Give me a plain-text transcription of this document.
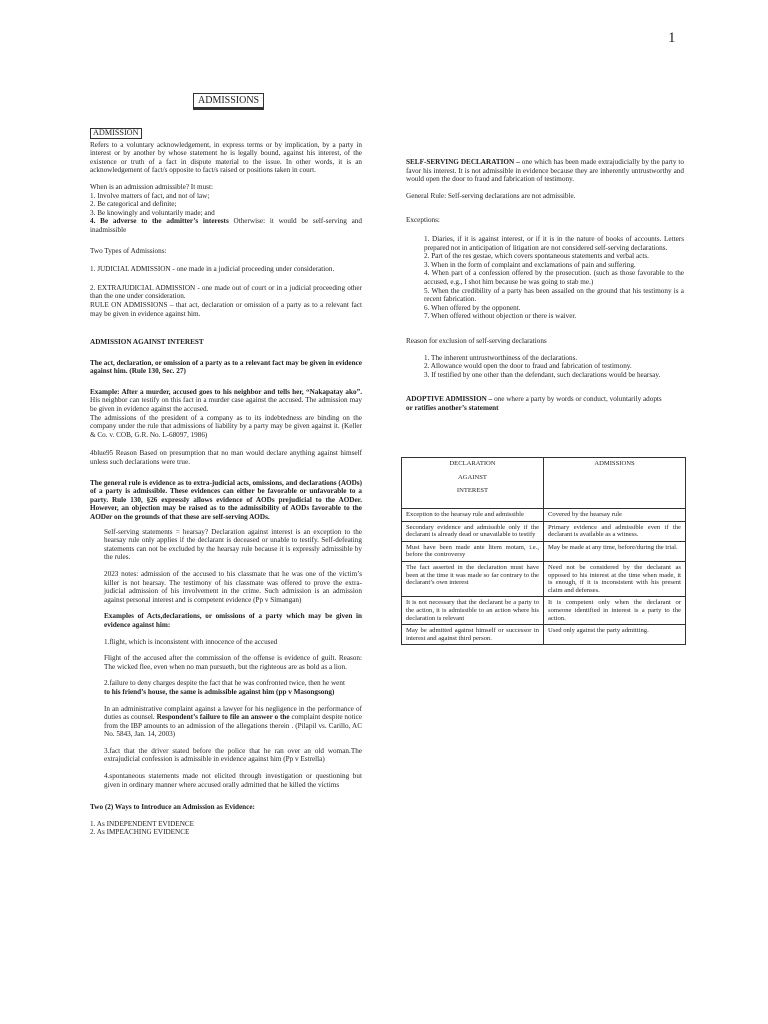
1
ADMISSIONS
ADMISSION

Refers to a voluntary acknowledgement, in express terms or by implication, by a party in interest or by another by whose statement he is legally bound, against his interest, of the existence or truth of a fact in dispute material to the issue. In other words, it is an acknowledgement of fact/s opposite to fact/s raised or positions taken in court.

When is an admission admissible? It must:

1. Involve matters of fact, and not of law;

2. Be categorical and definite;

3. Be knowingly and voluntarily made; and

4. Be adverse to the admitter’s interests Otherwise: it would be self-serving and inadmissible

Two Types of Admissions:

1. JUDICIAL ADMISSION - one made in a judicial proceeding under consideration.

2. EXTRAJUDICIAL ADMISSION - one made out of court or in a judicial proceeding other than the one under consideration.

RULE ON ADMISSIONS – that act, declaration or omission of a party as to a relevant fact may be given in evidence against him.

ADMISSION AGAINST INTEREST

The act, declaration, or omission of a party as to a relevant fact may be given in evidence against him. (Rule 130, Sec. 27)

Example: After a murder, accused goes to his neighbor and tells her, “Nakapatay ako”. His neighbor can testify on this fact in a murder case against the accused. The admission may be given in evidence against the accused.

The admissions of the president of a company as to its indebtedness are binding on the company under the rule that admissions of liability by a party may be given against it. (Keller & Co. v. COB, G.R. No. L-68097, 1986)

4blue95 Reason Based on presumption that no man would declare anything against himself unless such declarations were true.

The general rule is evidence as to extra-judicial acts, omissions, and declarations (AODs) of a party is admissible. These evidences can either be favorable or unfavorable to a party. Rule 130, §26 expressly allows evidence of AODs prejudicial to the AODer. However, an objection may be raised as to the admissibility of AODs favorable to the AODer on the grounds of that these are self-serving AODs.

Self-serving statements = hearsay? Declaration against interest is an exception to the hearsay rule only applies if the declarant is deceased or unable to testify. Self-defeating statements can not be excluded by the hearsay rule because it is expressly admissible by the rules.

2023 notes: admission of the accused to his classmate that he was one of the victim’s killer is not hearsay. The testimony of his classmate was offered to prove the extra-judicial admission of his involvement in the crime. Such admission is an admission against personal interest and is competent evidence (Pp v Simangan)

Examples of Acts,declarations, or omissions of a party which may be given in evidence against him:

1.flight, which is inconsistent with innocence of the accused

Flight of the accused after the commission of the offense is evidence of guilt. Reason: The wicked flee, even when no man pursueth, but the righteous are as bold as a lion.

2.failure to deny charges despite the fact that he was confronted twice, then he went

to his friend’s house, the same is admissible against him (pp v Masongsong)

In an administrative complaint against a lawyer for his negligence in the performance of duties as counsel. Respondent’s failure to file an answer o the complaint despite notice from the IBP amounts to an admission of the allegations therein . (Pilapil vs. Carillo, AC No. 5843, Jan. 14, 2003)

3.fact that the driver stated before the police that he ran over an old woman.The extrajudicial confession is admissible in evidence against him (Pp v Estrella)

4.spontaneous statements made not elicited through investigation or questioning but given in ordinary manner where accused orally admitted that he killed the victims

Two (2) Ways to Introduce an Admission as Evidence:

1. As INDEPENDENT EVIDENCE

2. As IMPEACHING EVIDENCE

SELF-SERVING DECLARATION – one which has been made extrajudicially by the party to favor his interest. It is not admissible in evidence because they are inherently untrustworthy and would open the door to fraud and fabrication of testimony.

General Rule: Self-serving declarations are not admissible.

Exceptions:

1. Diaries, if it is against interest, or if it is in the nature of books of accounts. Letters prepared not in anticipation of litigation are not considered self-serving declarations.

2. Part of the res gestae, which covers spontaneous statements and verbal acts.

3. When in the form of complaint and exclamations of pain and suffering.

4. When part of a confession offered by the prosecution. (such as those favorable to the accused, e.g., I shot him because he was going to stab me.)

5. When the credibility of a party has been assailed on the ground that his testimony is a recent fabrication.

6. When offered by the opponent.

7. When offered without objection or there is waiver.

Reason for exclusion of self-serving declarations

1. The inherent untrustworthiness of the declarations.

2. Allowance would open the door to fraud and fabrication of testimony.

3. If testified by one other than the defendant, such declarations would be hearsay.

ADOPTIVE ADMISSION – one where a party by words or conduct, voluntarily adopts

or ratifies another’s statement

DECLARATION
AGAINST
INTEREST	ADMISSIONS
Exception to the hearsay rule and admissible	Covered by the hearsay rule
Secondary evidence and admissible only if the declarant is already dead or unavailable to testify	Primary evidence and admissible even if the declarant is available as a witness.
Must have been made ante litem motam, i.e., before the controversy	May be made at any time, before/during the trial.
The fact asserted in the declaration must have been at the time it was made so far contrary to the declarant’s own interest	Need not be considered by the declarant as opposed to his interest at the time when made, it is enough, if it is inconsistent with his present claim and defenses.
It is not necessary that the declarant be a party to the action, it is admissible to an action where his declaration is relevant	It is competent only when the declarant or someone identified in interest is a party to the action.
May be admitted against himself or successor in interest and against third person.	Used only against the party admitting.
